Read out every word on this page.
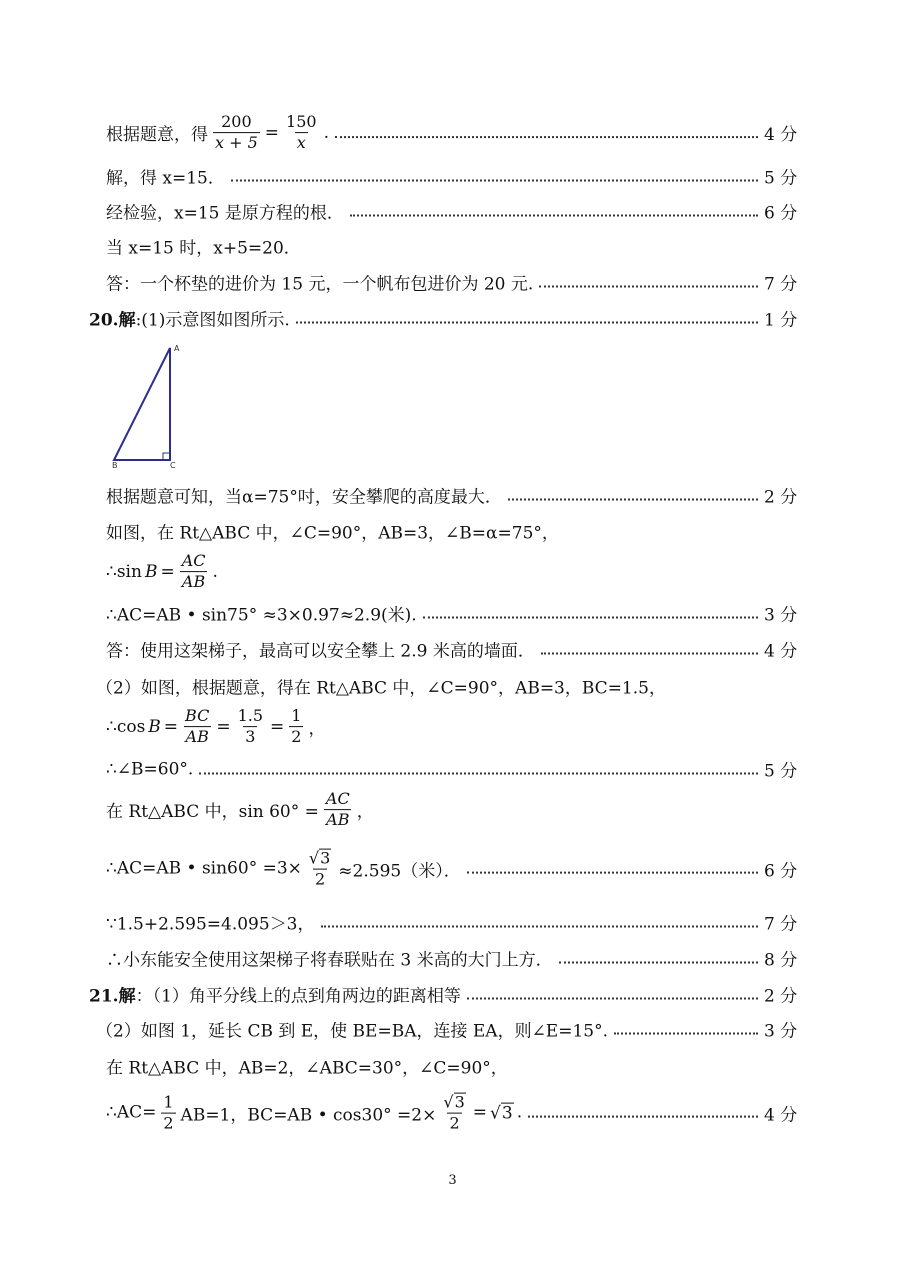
根据题意，得 $\frac{200}{x + 5} = \frac{150}{x}$ .	4 分
解，得 x=15．	5 分
经检验，x=15 是原方程的根．	6 分
当 x=15 时，x+5=20．
答：一个杯垫的进价为 15 元，一个帆布包进价为 20 元.	7 分
20.解 :(1)示意图如图所示.	1 分
A
B	C
根据题意可知，当α=75°吋，安全攀爬的高度最大．	2 分
如图，在 Rt△ABC 中，∠C=90°，AB=3，∠B=α=75°，
∴sin $B = \frac{AC}{AB}$ .
∴AC=AB • sin75° ≈3×0.97≈2.9(米).	3 分
答：使用这架梯子，最高可以安全攀上 2.9 米高的墙面．	4 分
（2）如图，根据题意，得在 Rt△ABC 中，∠C=90°，AB=3，BC=1.5，
∴cos $B = \frac{BC}{AB} = \frac{1.5}{3} = \frac{1}{2}$ ，
∴∠B=60°.	5 分
在 Rt△ABC 中，$\sin 60^\circ = \frac{AC}{AB}$ ，
∴AC=AB • $\sin 60^\circ =3\times \frac{√ 3}{2} \approx 2.595$（米）．	6 分
∵1.5+2.595=4.095＞3，	7 分
∴小东能安全使用这架梯子将春联贴在 3 米高的大门上方．	8 分
21.解 ：（1）角平分线上的点到角两边的距离相等	2 分
（2）如图 1，延长 CB 到 E，使 BE=BA，连接 EA，则∠E=15°.	3 分
在 Rt△ABC 中，AB=2，∠ABC=30°，∠C=90°，
∴AC= $\frac{1}{2} AB=1$，BC=AB • $\cos 30^\circ =2\times \frac{√ 3}{2}$ = √ 3 .	4 分
3
